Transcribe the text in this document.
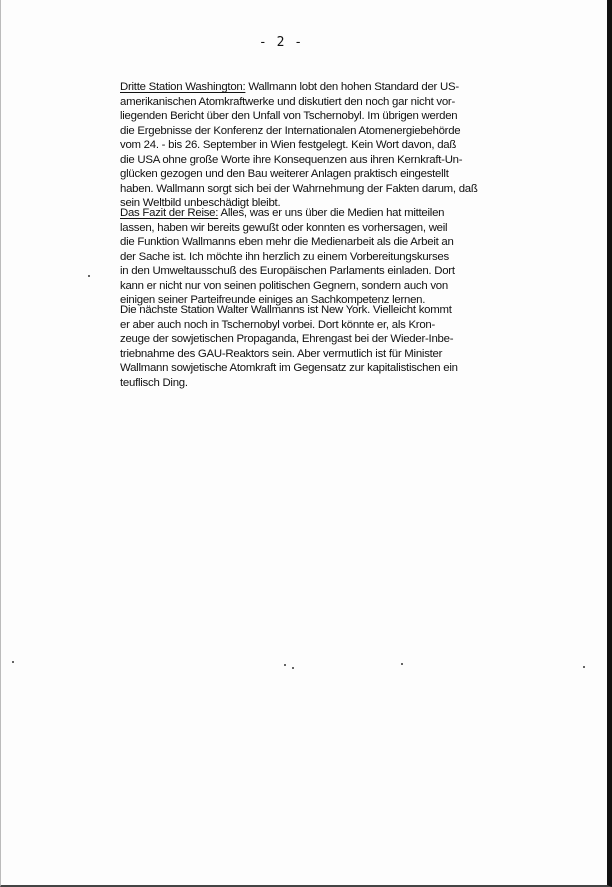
- 2 -
Dritte Station Washington: Wallmann lobt den hohen Standard der US-
amerikanischen Atomkraftwerke und diskutiert den noch gar nicht vor-
liegenden Bericht über den Unfall von Tschernobyl. Im übrigen werden
die Ergebnisse der Konferenz der Internationalen Atomenergiebehörde
vom 24. - bis 26. September in Wien festgelegt. Kein Wort davon, daß
die USA ohne große Worte ihre Konsequenzen aus ihren Kernkraft-Un-
glücken gezogen und den Bau weiterer Anlagen praktisch eingestellt
haben. Wallmann sorgt sich bei der Wahrnehmung der Fakten darum, daß
sein Weltbild unbeschädigt bleibt.
Das Fazit der Reise: Alles, was er uns über die Medien hat mitteilen
lassen, haben wir bereits gewußt oder konnten es vorhersagen, weil
die Funktion Wallmanns eben mehr die Medienarbeit als die Arbeit an
der Sache ist. Ich möchte ihn herzlich zu einem Vorbereitungskurses
in den Umweltausschuß des Europäischen Parlaments einladen. Dort
kann er nicht nur von seinen politischen Gegnern, sondern auch von
einigen seiner Parteifreunde einiges an Sachkompetenz lernen.
Die nächste Station Walter Wallmanns ist New York. Vielleicht kommt
er aber auch noch in Tschernobyl vorbei. Dort könnte er, als Kron-
zeuge der sowjetischen Propaganda, Ehrengast bei der Wieder-Inbe-
triebnahme des GAU-Reaktors sein. Aber vermutlich ist für Minister
Wallmann sowjetische Atomkraft im Gegensatz zur kapitalistischen ein
teuflisch Ding.
